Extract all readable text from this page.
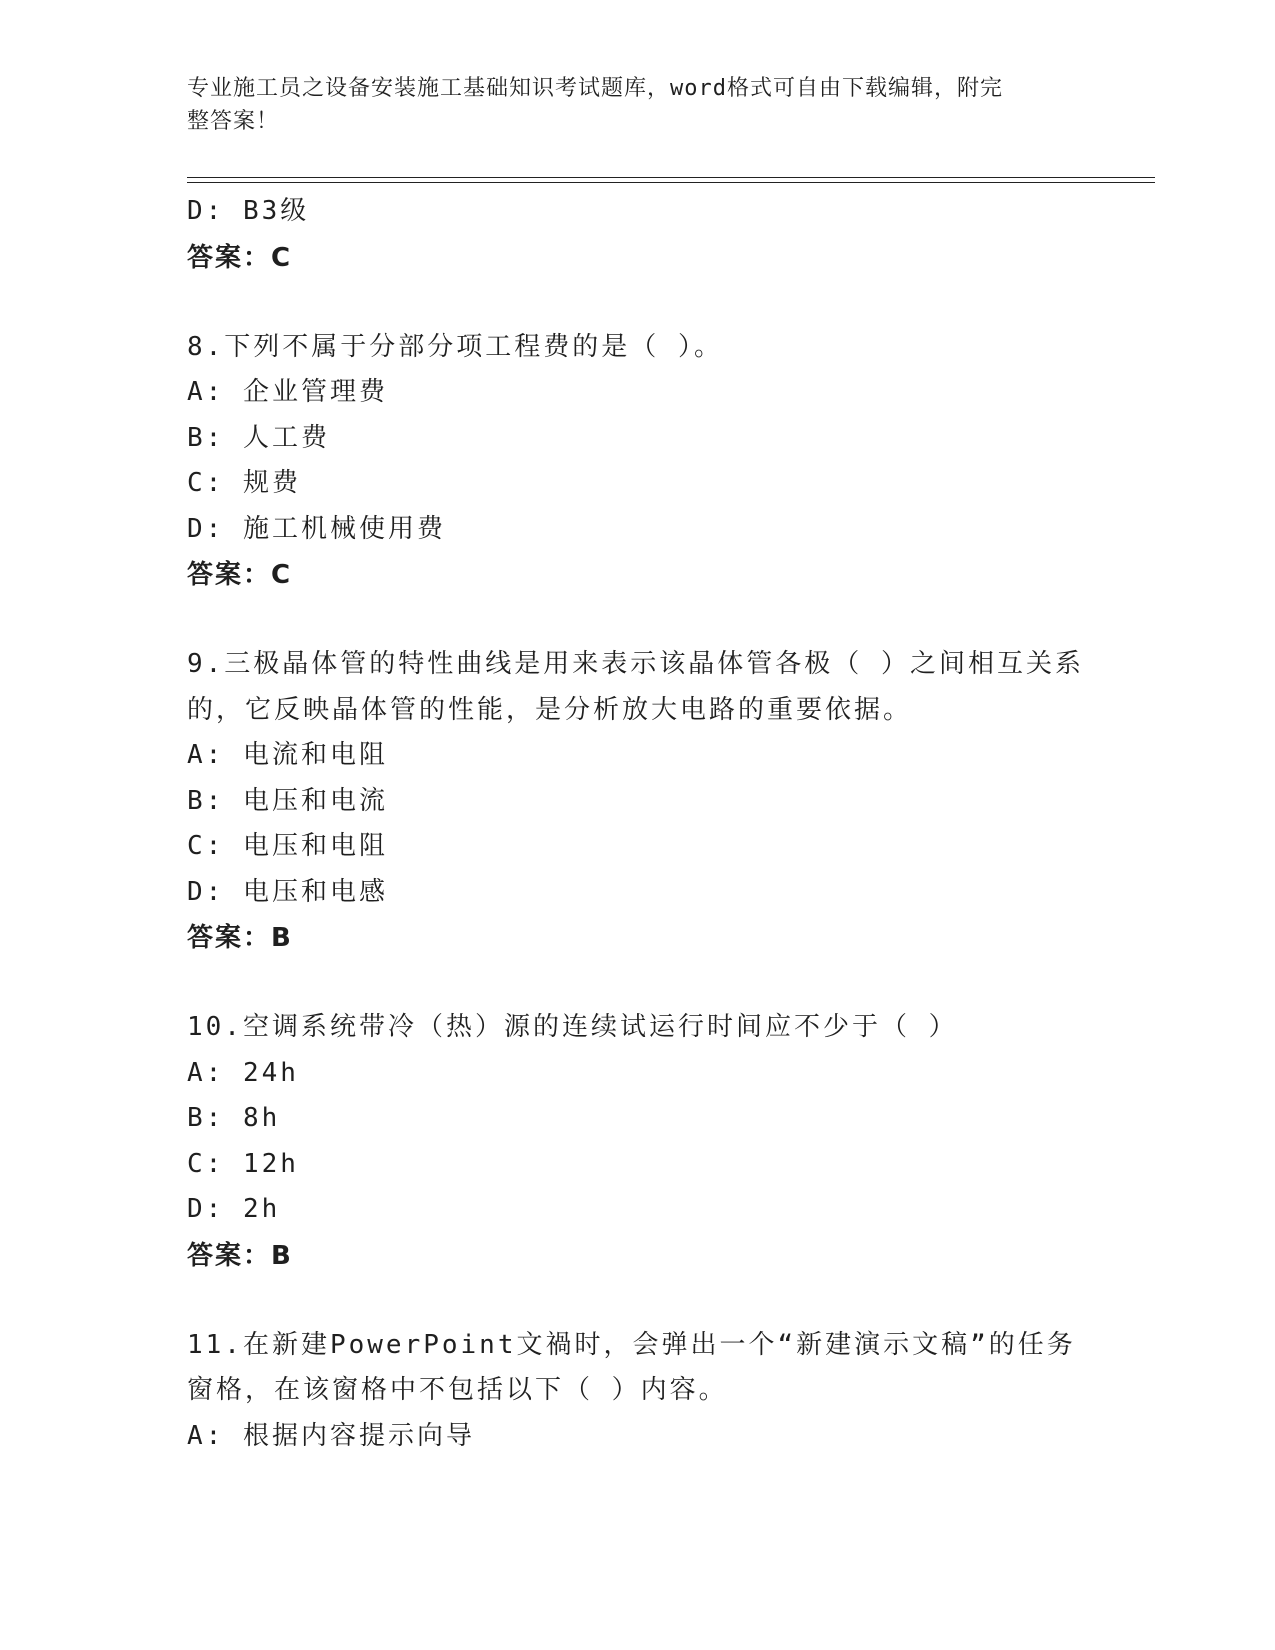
专业施工员之设备安装施工基础知识考试题库，word格式可自由下载编辑，附完
整答案！
D: B3级
答案：C
8.下列不属于分部分项工程费的是（ ）。
A: 企业管理费
B: 人工费
C: 规费
D: 施工机械使用费
答案：C
9.三极晶体管的特性曲线是用来表示该晶体管各极（ ）之间相互关系
的，它反映晶体管的性能，是分析放大电路的重要依据。
A: 电流和电阻
B: 电压和电流
C: 电压和电阻
D: 电压和电感
答案：B
10.空调系统带冷（热）源的连续试运行时间应不少于（ ）
A: 24h
B: 8h
C: 12h
D: 2h
答案：B
11.在新建PowerPoint文禍时，会弹出一个“新建演示文稿”的任务
窗格，在该窗格中不包括以下（ ）内容。
A: 根据内容提示向导
